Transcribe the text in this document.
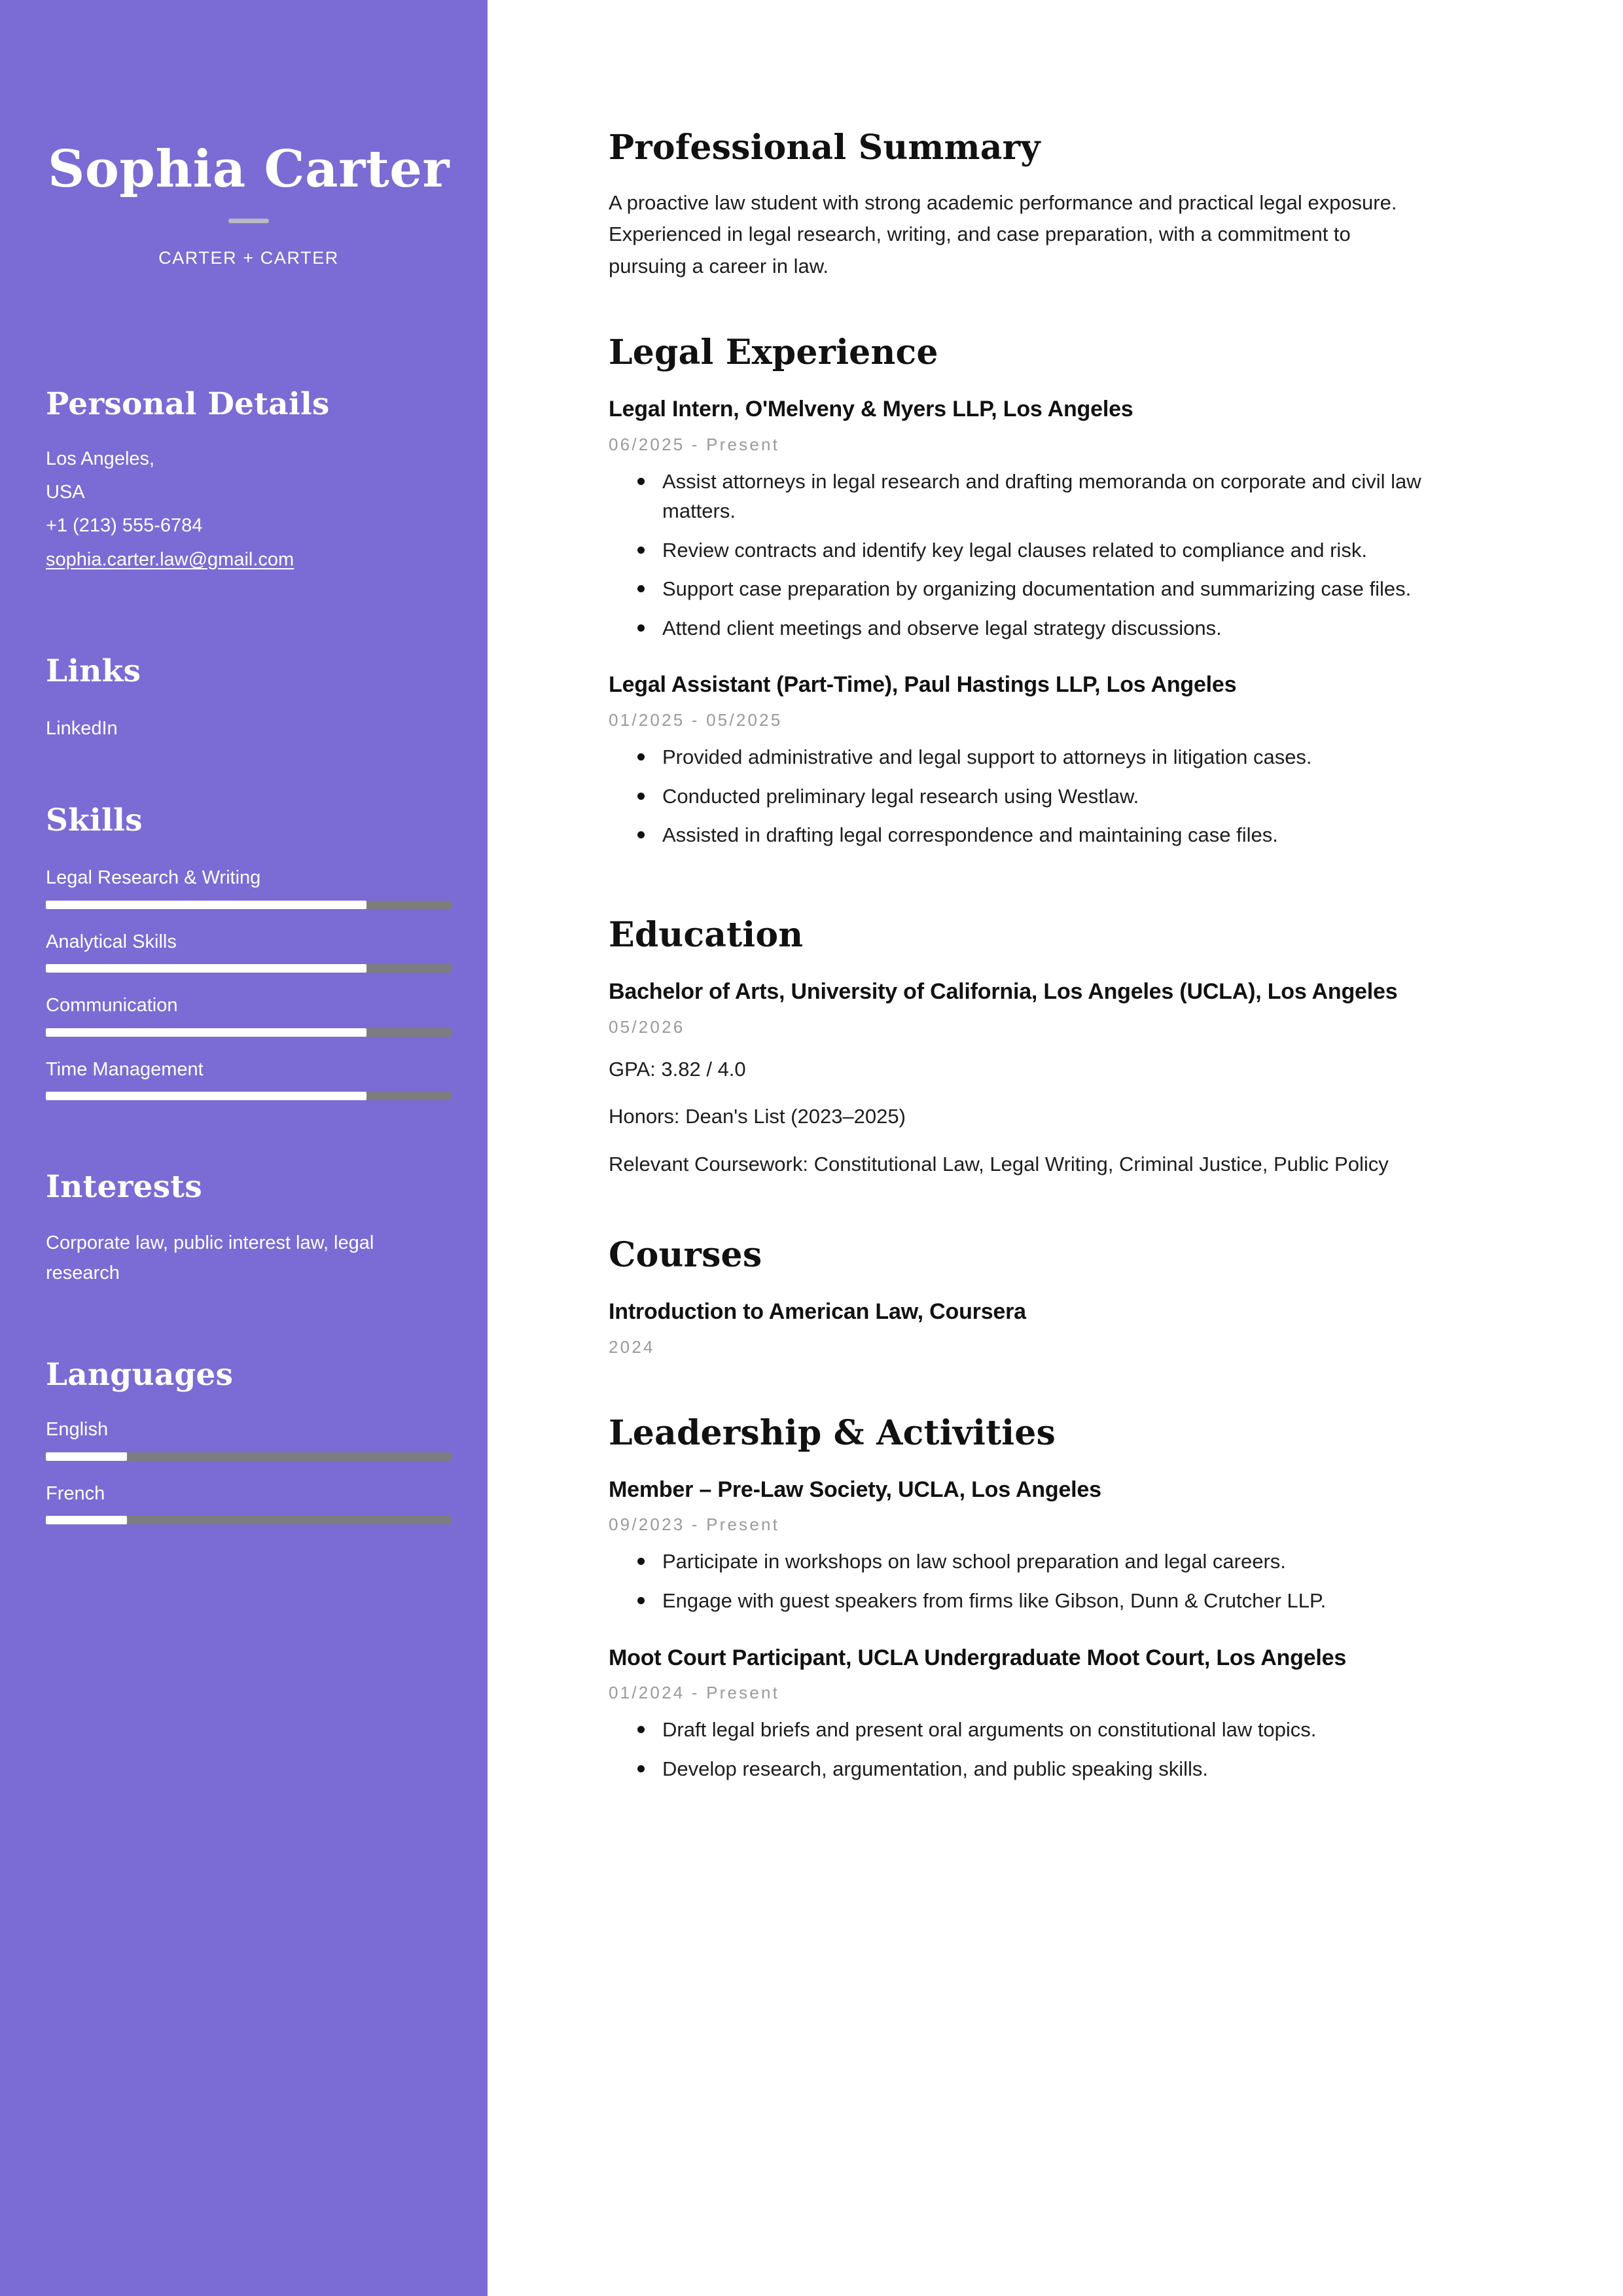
Sophia Carter
CARTER + CARTER
Personal Details
Los Angeles,
USA
+1 (213) 555-6784
sophia.carter.law@gmail.com
Links
LinkedIn
Skills
Legal Research & Writing
Analytical Skills
Communication
Time Management
Interests
Corporate law, public interest law, legal research
Languages
English
French
Professional Summary

A proactive law student with strong academic performance and practical legal exposure. Experienced in legal research, writing, and case preparation, with a commitment to pursuing a career in law.

Legal Experience
Legal Intern, O'Melveny & Myers LLP, Los Angeles
06/2025 - Present
Assist attorneys in legal research and drafting memoranda on corporate and civil law matters.
Review contracts and identify key legal clauses related to compliance and risk.
Support case preparation by organizing documentation and summarizing case files.
Attend client meetings and observe legal strategy discussions.
Legal Assistant (Part-Time), Paul Hastings LLP, Los Angeles
01/2025 - 05/2025
Provided administrative and legal support to attorneys in litigation cases.
Conducted preliminary legal research using Westlaw.
Assisted in drafting legal correspondence and maintaining case files.
Education
Bachelor of Arts, University of California, Los Angeles (UCLA), Los Angeles
05/2026
GPA: 3.82 / 4.0
Honors: Dean's List (2023–2025)
Relevant Coursework: Constitutional Law, Legal Writing, Criminal Justice, Public Policy
Courses
Introduction to American Law, Coursera
2024
Leadership & Activities
Member – Pre-Law Society, UCLA, Los Angeles
09/2023 - Present
Participate in workshops on law school preparation and legal careers.
Engage with guest speakers from firms like Gibson, Dunn & Crutcher LLP.
Moot Court Participant, UCLA Undergraduate Moot Court, Los Angeles
01/2024 - Present
Draft legal briefs and present oral arguments on constitutional law topics.
Develop research, argumentation, and public speaking skills.
